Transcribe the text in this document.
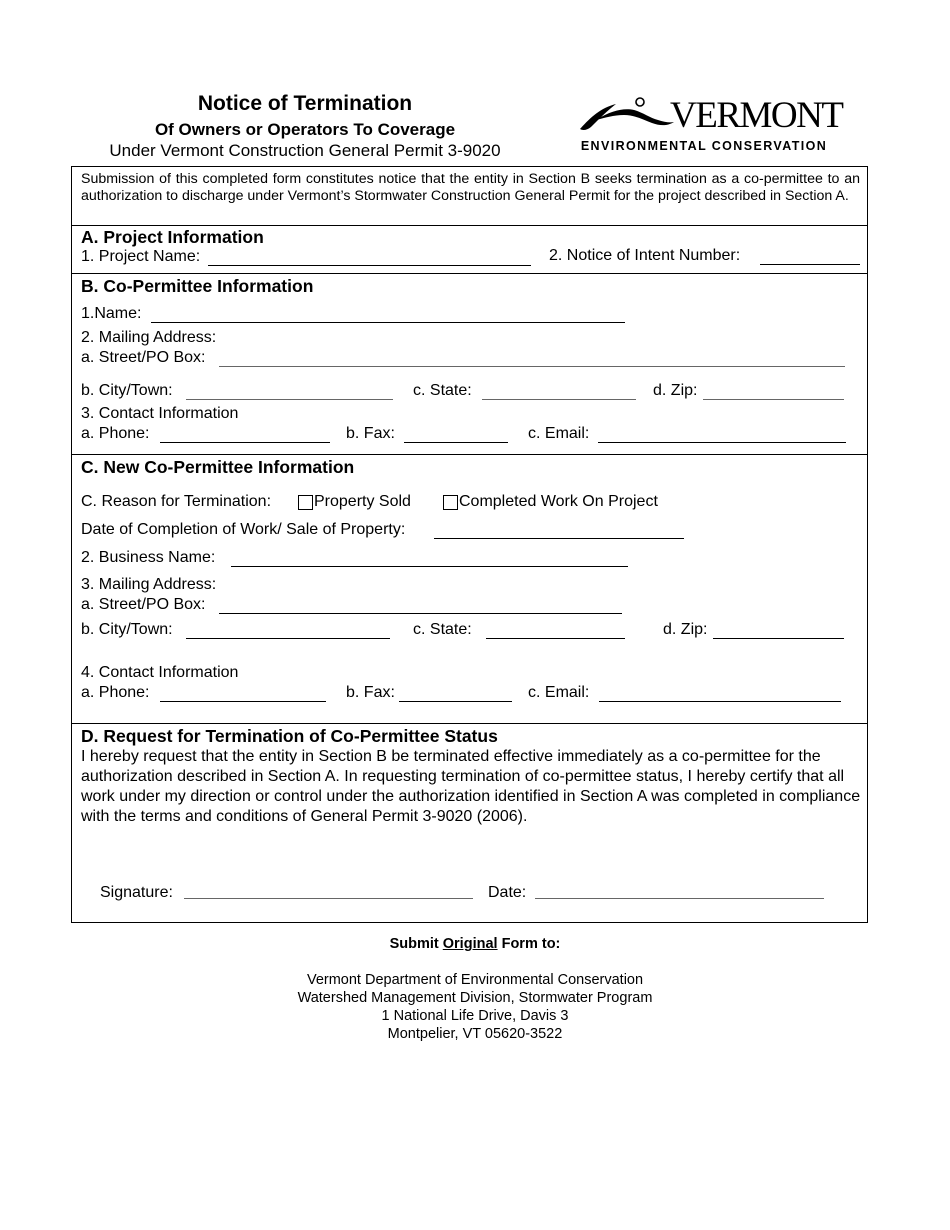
Notice of Termination
Of Owners or Operators To Coverage
Under Vermont Construction General Permit 3-9020
VERMONT
ENVIRONMENTAL CONSERVATION
Submission of this completed form constitutes notice that the entity in Section B seeks termination as a co-permittee to an authorization to discharge under Vermont’s Stormwater Construction General Permit for the project described in Section A.
A. Project Information
1. Project Name:	2. Notice of Intent Number:
B. Co-Permittee Information
1.Name:
2. Mailing Address:
a. Street/PO Box:
b. City/Town:	c. State:	d. Zip:
3. Contact Information
a. Phone:	b. Fax:	c. Email:
C. New Co-Permittee Information
C. Reason for Termination:	Property Sold	Completed Work On Project
Date of Completion of Work/ Sale of Property:
2. Business Name:
3. Mailing Address:
a. Street/PO Box:
b. City/Town:	c. State:	d. Zip:
4. Contact Information
a. Phone:	b. Fax:	c. Email:
D. Request for Termination of Co-Permittee Status
I hereby request that the entity in Section B be terminated effective immediately as a co-permittee for the authorization described in Section A. In requesting termination of co-permittee status, I hereby certify that all work under my direction or control under the authorization identified in Section A was completed in compliance with the terms and conditions of General Permit 3-9020 (2006).
Signature:	Date:
Submit Original Form to:
Vermont Department of Environmental Conservation
Watershed Management Division, Stormwater Program
1 National Life Drive, Davis 3
Montpelier, VT 05620-3522
